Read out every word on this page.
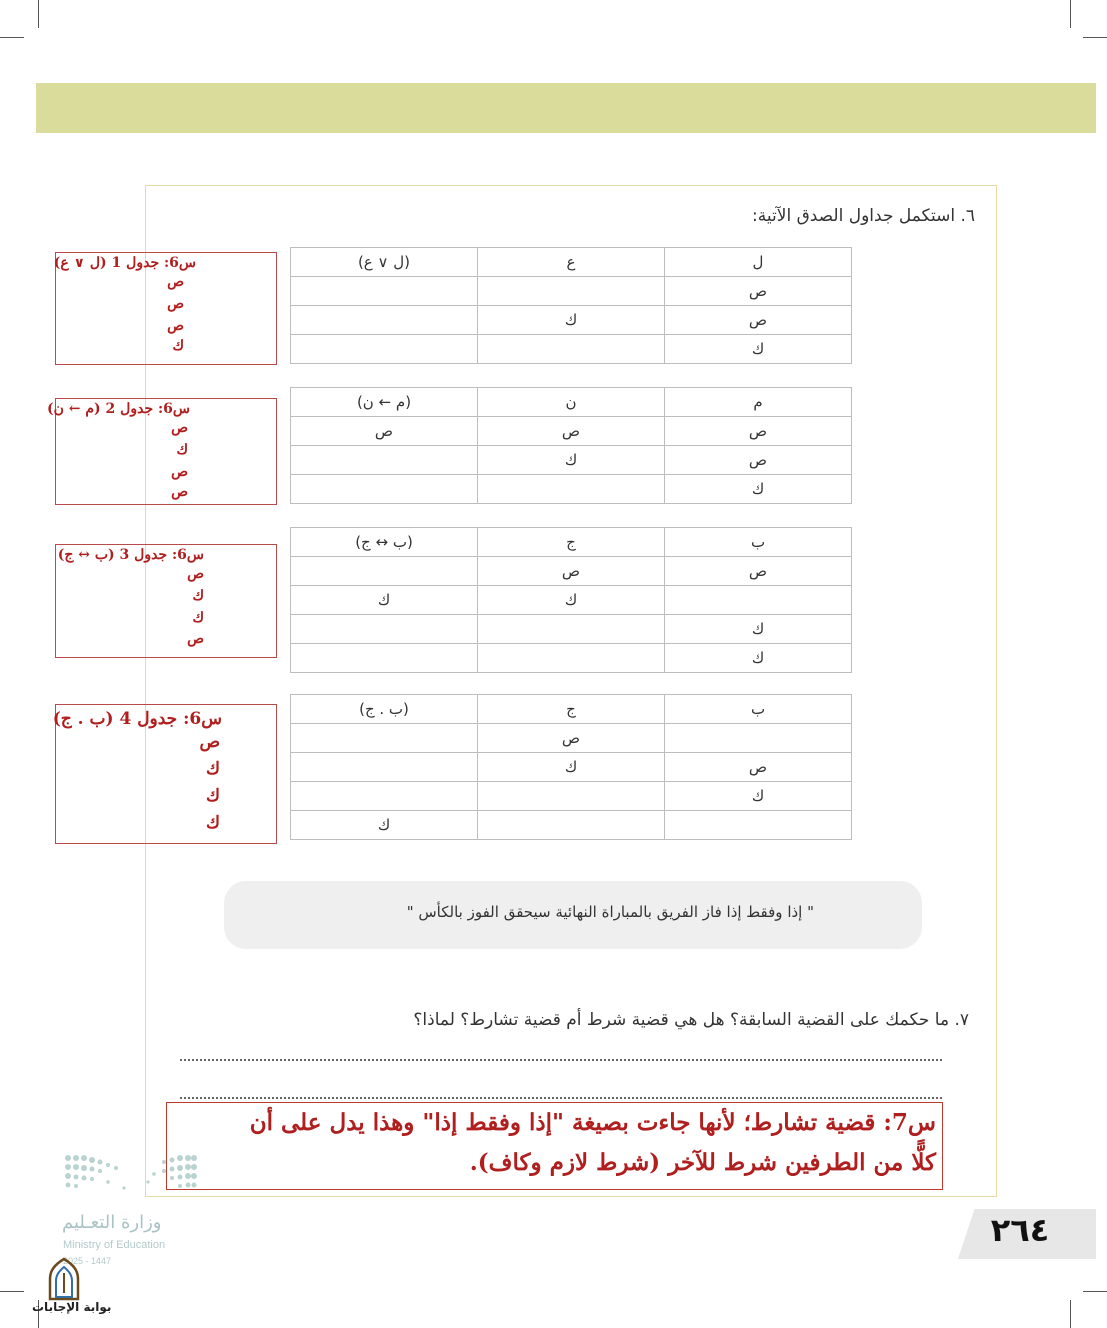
٦. استكمل جداول الصدق الآتية:
ل	ع	(ل ∨ ع)
ص		
ص	ك	
ك		
م	ن	(م ← ن)
ص	ص	ص
ص	ك	
ك		
ب	ج	(ب ↔ ج)
ص	ص	
	ك	ك
ك		
ك		
ب	ج	(ب . ج)
	ص	
ص	ك	
ك		
		ك
س6: جدول 1 (ل ∨ ع)
ص
ص
ص
ك
س6: جدول 2 (م ← ن)
ص
ك
ص
ص
س6: جدول 3 (ب ↔ ج)
ص
ك
ك
ص
س6: جدول 4 (ب . ج)
ص
ك
ك
ك
" إذا وفقط إذا فاز الفريق بالمباراة النهائية سيحقق الفوز بالكأس "
٧. ما حكمك على القضية السابقة؟ هل هي قضية شرط أم قضية تشارط؟ لماذا؟
س7: قضية تشارط؛ لأنها جاءت بصيغة "إذا وفقط إذا" وهذا يدل على أن
كلًّا من الطرفين شرط للآخر (شرط لازم وكاف).
وزارة التعـليم
Ministry of Education
2025 - 1447
بوابة الإجابات
٢٦٤
